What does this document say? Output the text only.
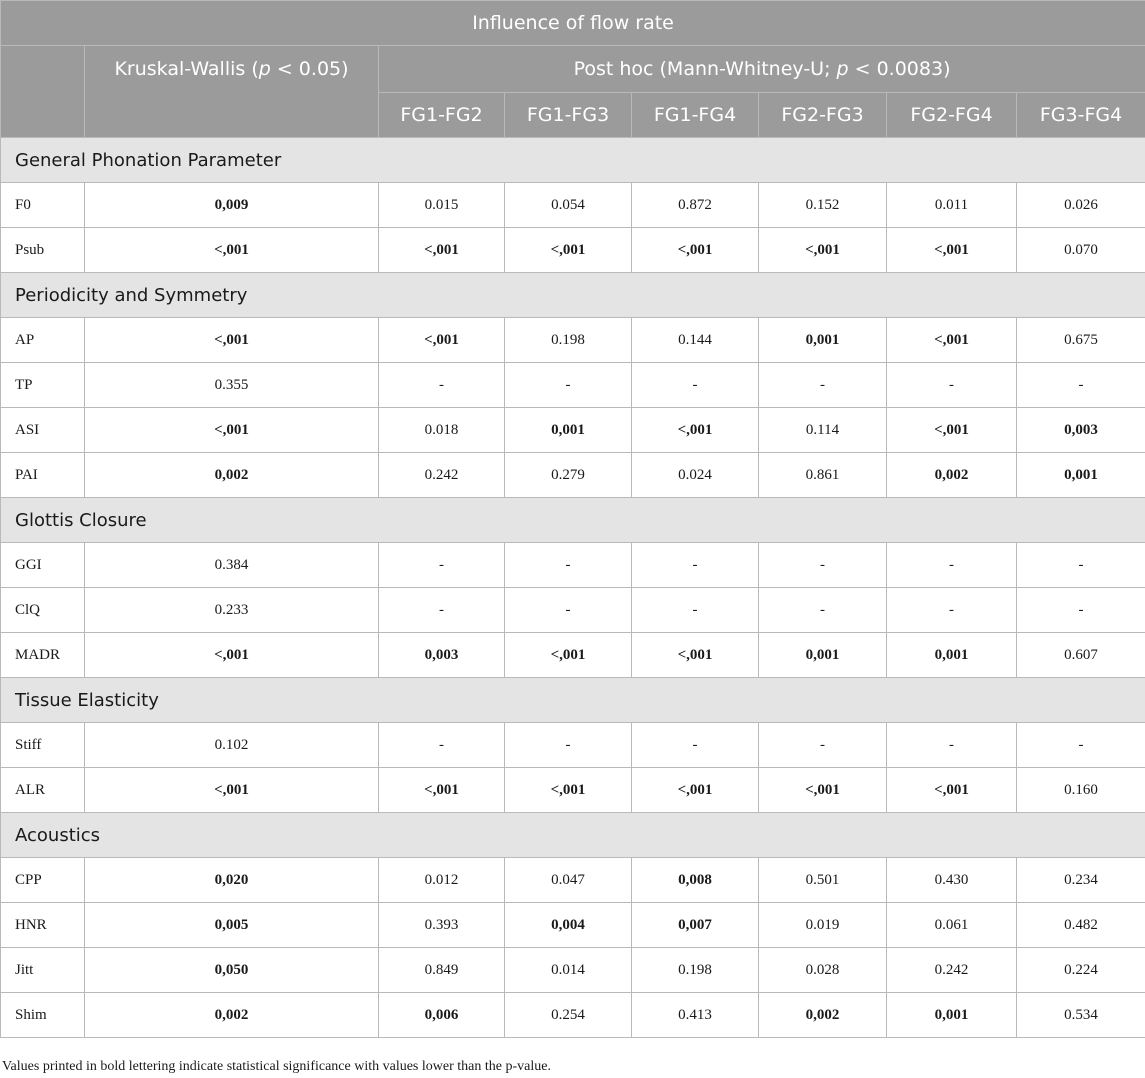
Influence of flow rate							
	Kruskal-Wallis (p < 0.05)	Post hoc (Mann-Whitney-U; p < 0.0083)					
		FG1-FG2	FG1-FG3	FG1-FG4	FG2-FG3	FG2-FG4	FG3-FG4
General Phonation Parameter							
F0	0,009	0.015	0.054	0.872	0.152	0.011	0.026
Psub	<,001	<,001	<,001	<,001	<,001	<,001	0.070
Periodicity and Symmetry							
AP	<,001	<,001	0.198	0.144	0,001	<,001	0.675
TP	0.355	-	-	-	-	-	-
ASI	<,001	0.018	0,001	<,001	0.114	<,001	0,003
PAI	0,002	0.242	0.279	0.024	0.861	0,002	0,001
Glottis Closure							
GGI	0.384	-	-	-	-	-	-
ClQ	0.233	-	-	-	-	-	-
MADR	<,001	0,003	<,001	<,001	0,001	0,001	0.607
Tissue Elasticity							
Stiff	0.102	-	-	-	-	-	-
ALR	<,001	<,001	<,001	<,001	<,001	<,001	0.160
Acoustics							
CPP	0,020	0.012	0.047	0,008	0.501	0.430	0.234
HNR	0,005	0.393	0,004	0,007	0.019	0.061	0.482
Jitt	0,050	0.849	0.014	0.198	0.028	0.242	0.224
Shim	0,002	0,006	0.254	0.413	0,002	0,001	0.534
Values printed in bold lettering indicate statistical significance with values lower than the p-value.
